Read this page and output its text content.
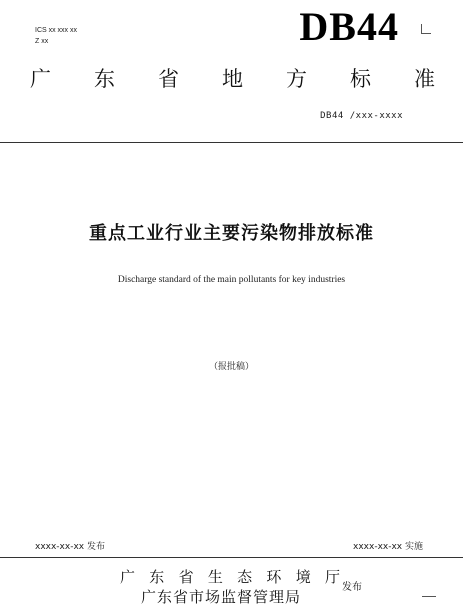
ICS xx xxx xx
Z xx	DB44
广 东 省 地 方 标 准
DB44 /xxx-xxxx
重点工业行业主要污染物排放标准
Discharge standard of the main pollutants for key industries
（报批稿）
xxxx-xx-xx 发布	xxxx-xx-xx 实施
广 东 省 生 态 环 境 厅
广东省市场监督管理局
发布
